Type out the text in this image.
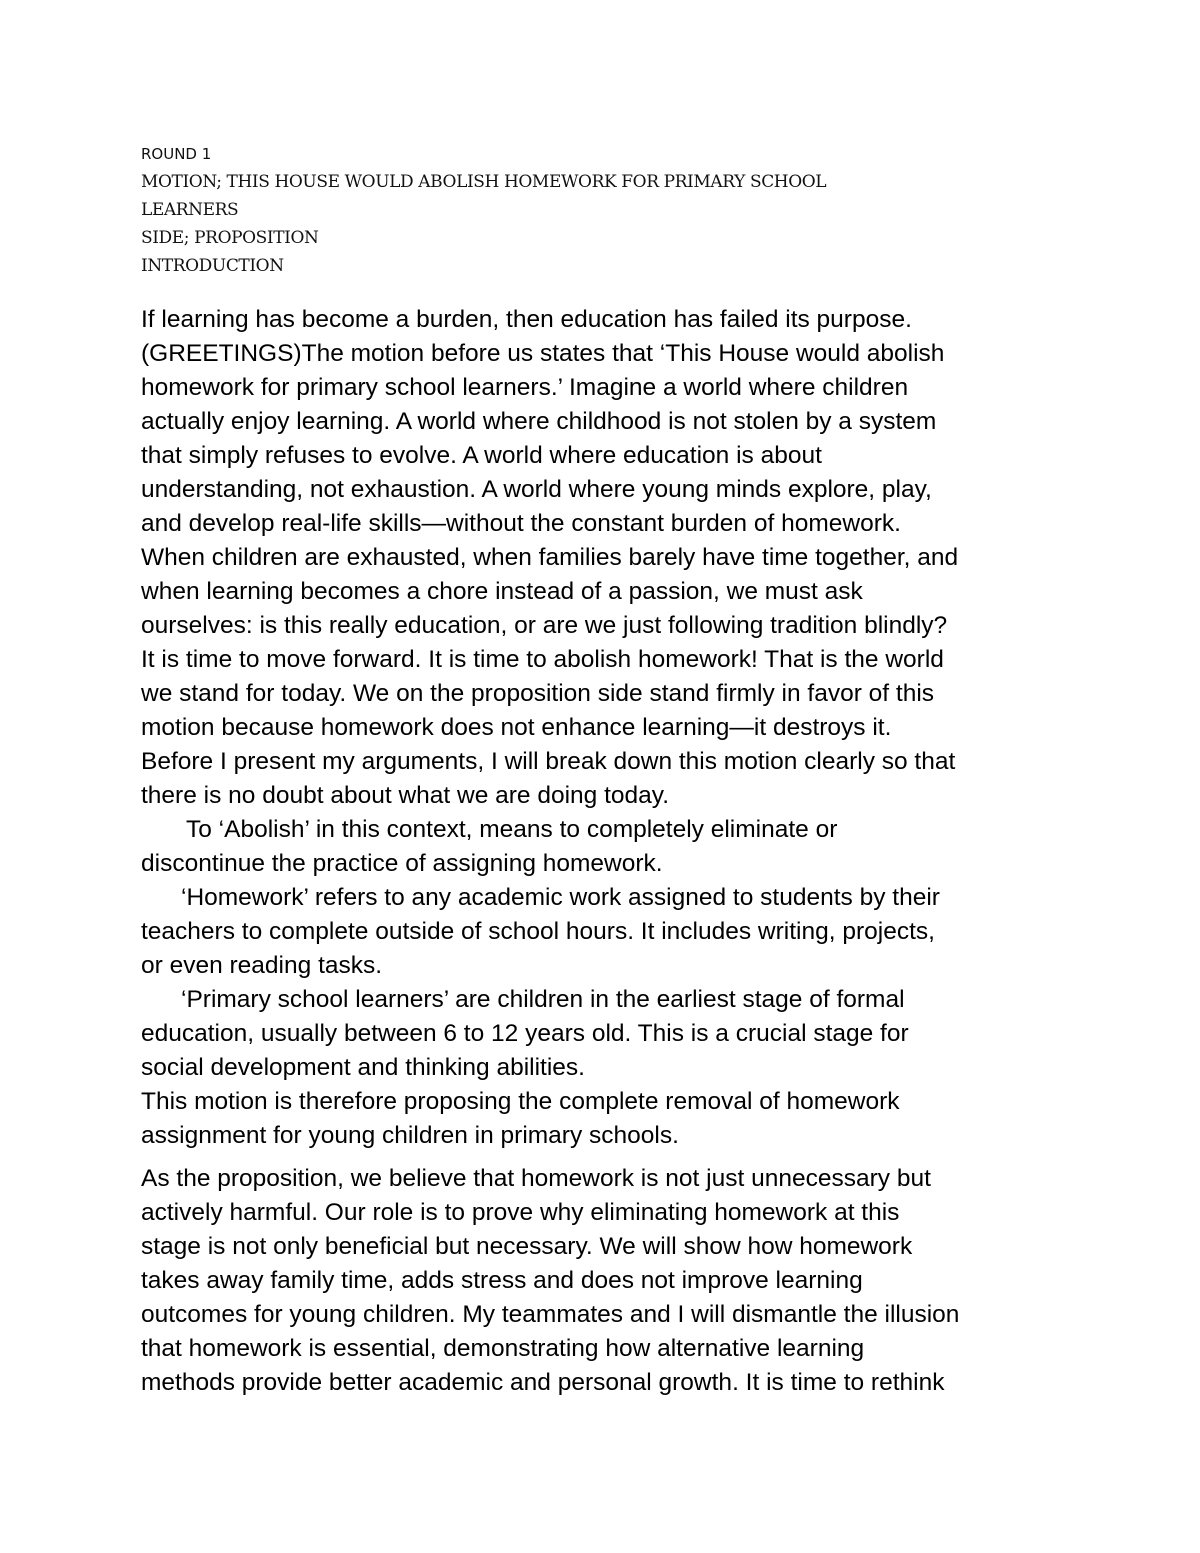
ROUND 1
MOTION; THIS HOUSE WOULD ABOLISH HOMEWORK FOR PRIMARY SCHOOL
LEARNERS
SIDE; PROPOSITION
INTRODUCTION
If learning has become a burden, then education has failed its purpose.
(GREETINGS)The motion before us states that ‘This House would abolish
homework for primary school learners.’ Imagine a world where children
actually enjoy learning. A world where childhood is not stolen by a system
that simply refuses to evolve. A world where education is about
understanding, not exhaustion. A world where young minds explore, play,
and develop real-life skills—without the constant burden of homework.
When children are exhausted, when families barely have time together, and
when learning becomes a chore instead of a passion, we must ask
ourselves: is this really education, or are we just following tradition blindly?
It is time to move forward. It is time to abolish homework! That is the world
we stand for today. We on the proposition side stand firmly in favor of this
motion because homework does not enhance learning—it destroys it.
Before I present my arguments, I will break down this motion clearly so that
there is no doubt about what we are doing today.
To ‘Abolish’ in this context, means to completely eliminate or
discontinue the practice of assigning homework.
‘Homework’ refers to any academic work assigned to students by their
teachers to complete outside of school hours. It includes writing, projects,
or even reading tasks.
‘Primary school learners’ are children in the earliest stage of formal
education, usually between 6 to 12 years old. This is a crucial stage for
social development and thinking abilities.
This motion is therefore proposing the complete removal of homework
assignment for young children in primary schools.
As the proposition, we believe that homework is not just unnecessary but
actively harmful. Our role is to prove why eliminating homework at this
stage is not only beneficial but necessary. We will show how homework
takes away family time, adds stress and does not improve learning
outcomes for young children. My teammates and I will dismantle the illusion
that homework is essential, demonstrating how alternative learning
methods provide better academic and personal growth. It is time to rethink
